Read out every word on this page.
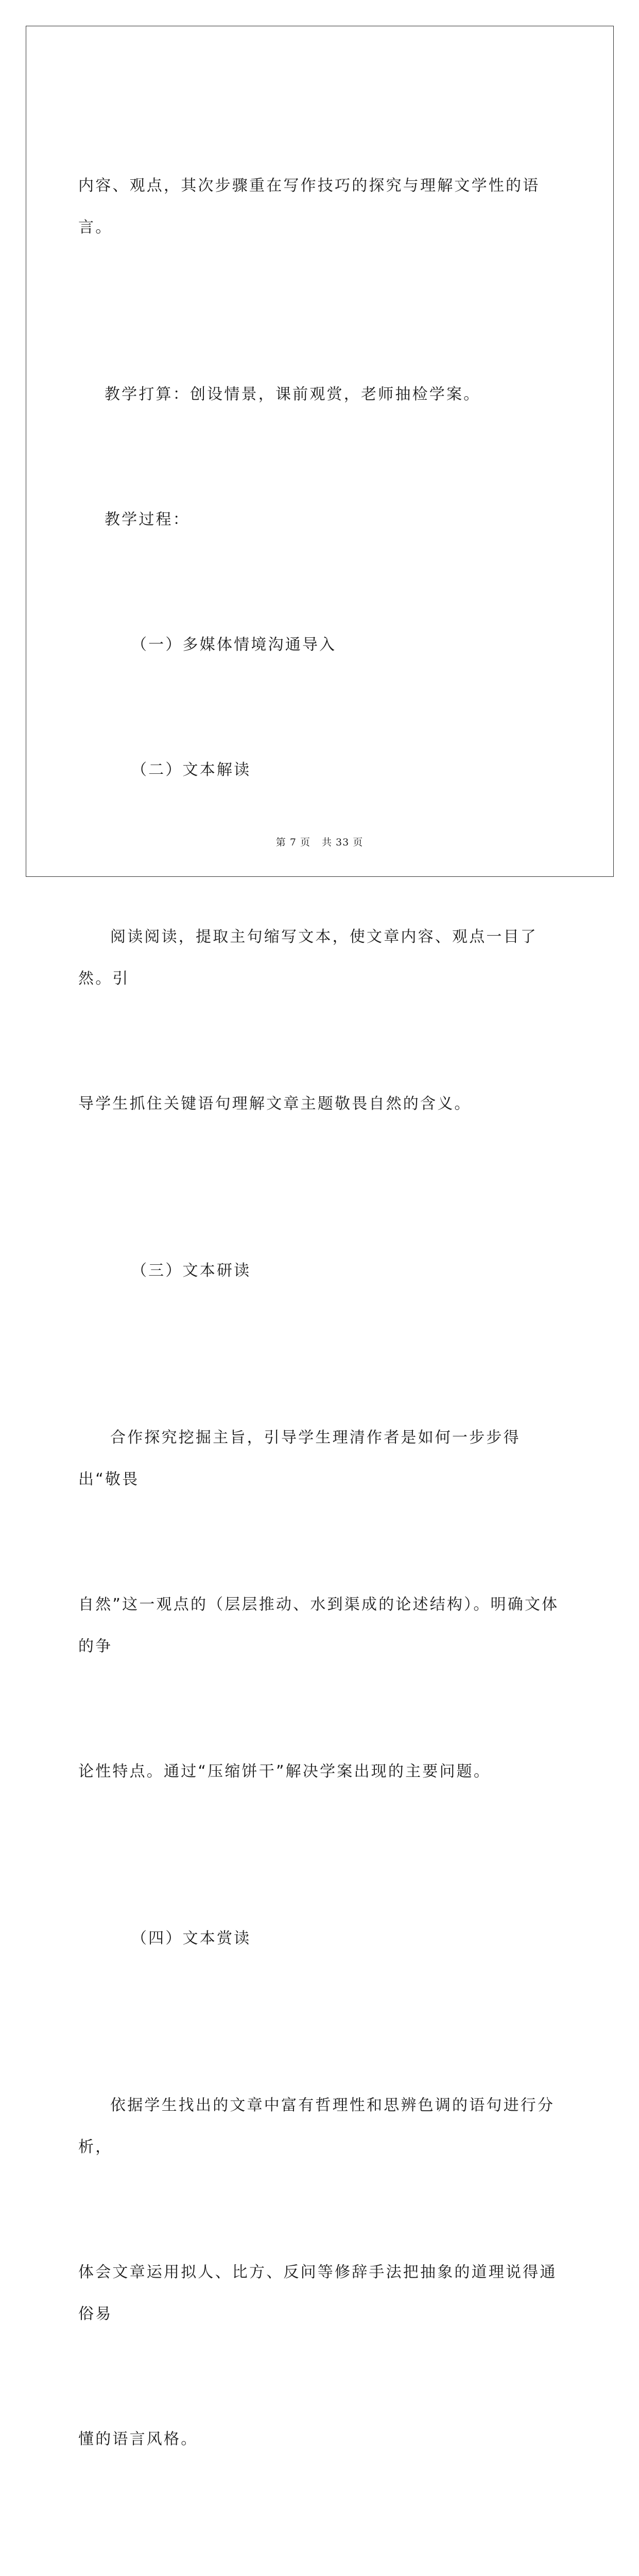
内容、观点，其次步骤重在写作技巧的探究与理解文学性的语言。

教学打算：创设情景，课前观赏，老师抽检学案。

教学过程：

（一）多媒体情境沟通导入

（二）文本解读

阅读阅读，提取主句缩写文本，使文章内容、观点一目了然。引

导学生抓住关键语句理解文章主题敬畏自然的含义。

（三）文本研读

合作探究挖掘主旨，引导学生理清作者是如何一步步得出“敬畏

自然”这一观点的（层层推动、水到渠成的论述结构）。明确文体的争

论性特点。通过“压缩饼干”解决学案出现的主要问题。

（四）文本赏读

依据学生找出的文章中富有哲理性和思辨色调的语句进行分析，

体会文章运用拟人、比方、反问等修辞手法把抽象的道理说得通俗易

懂的语言风格。

第 7 页 共 33 页
